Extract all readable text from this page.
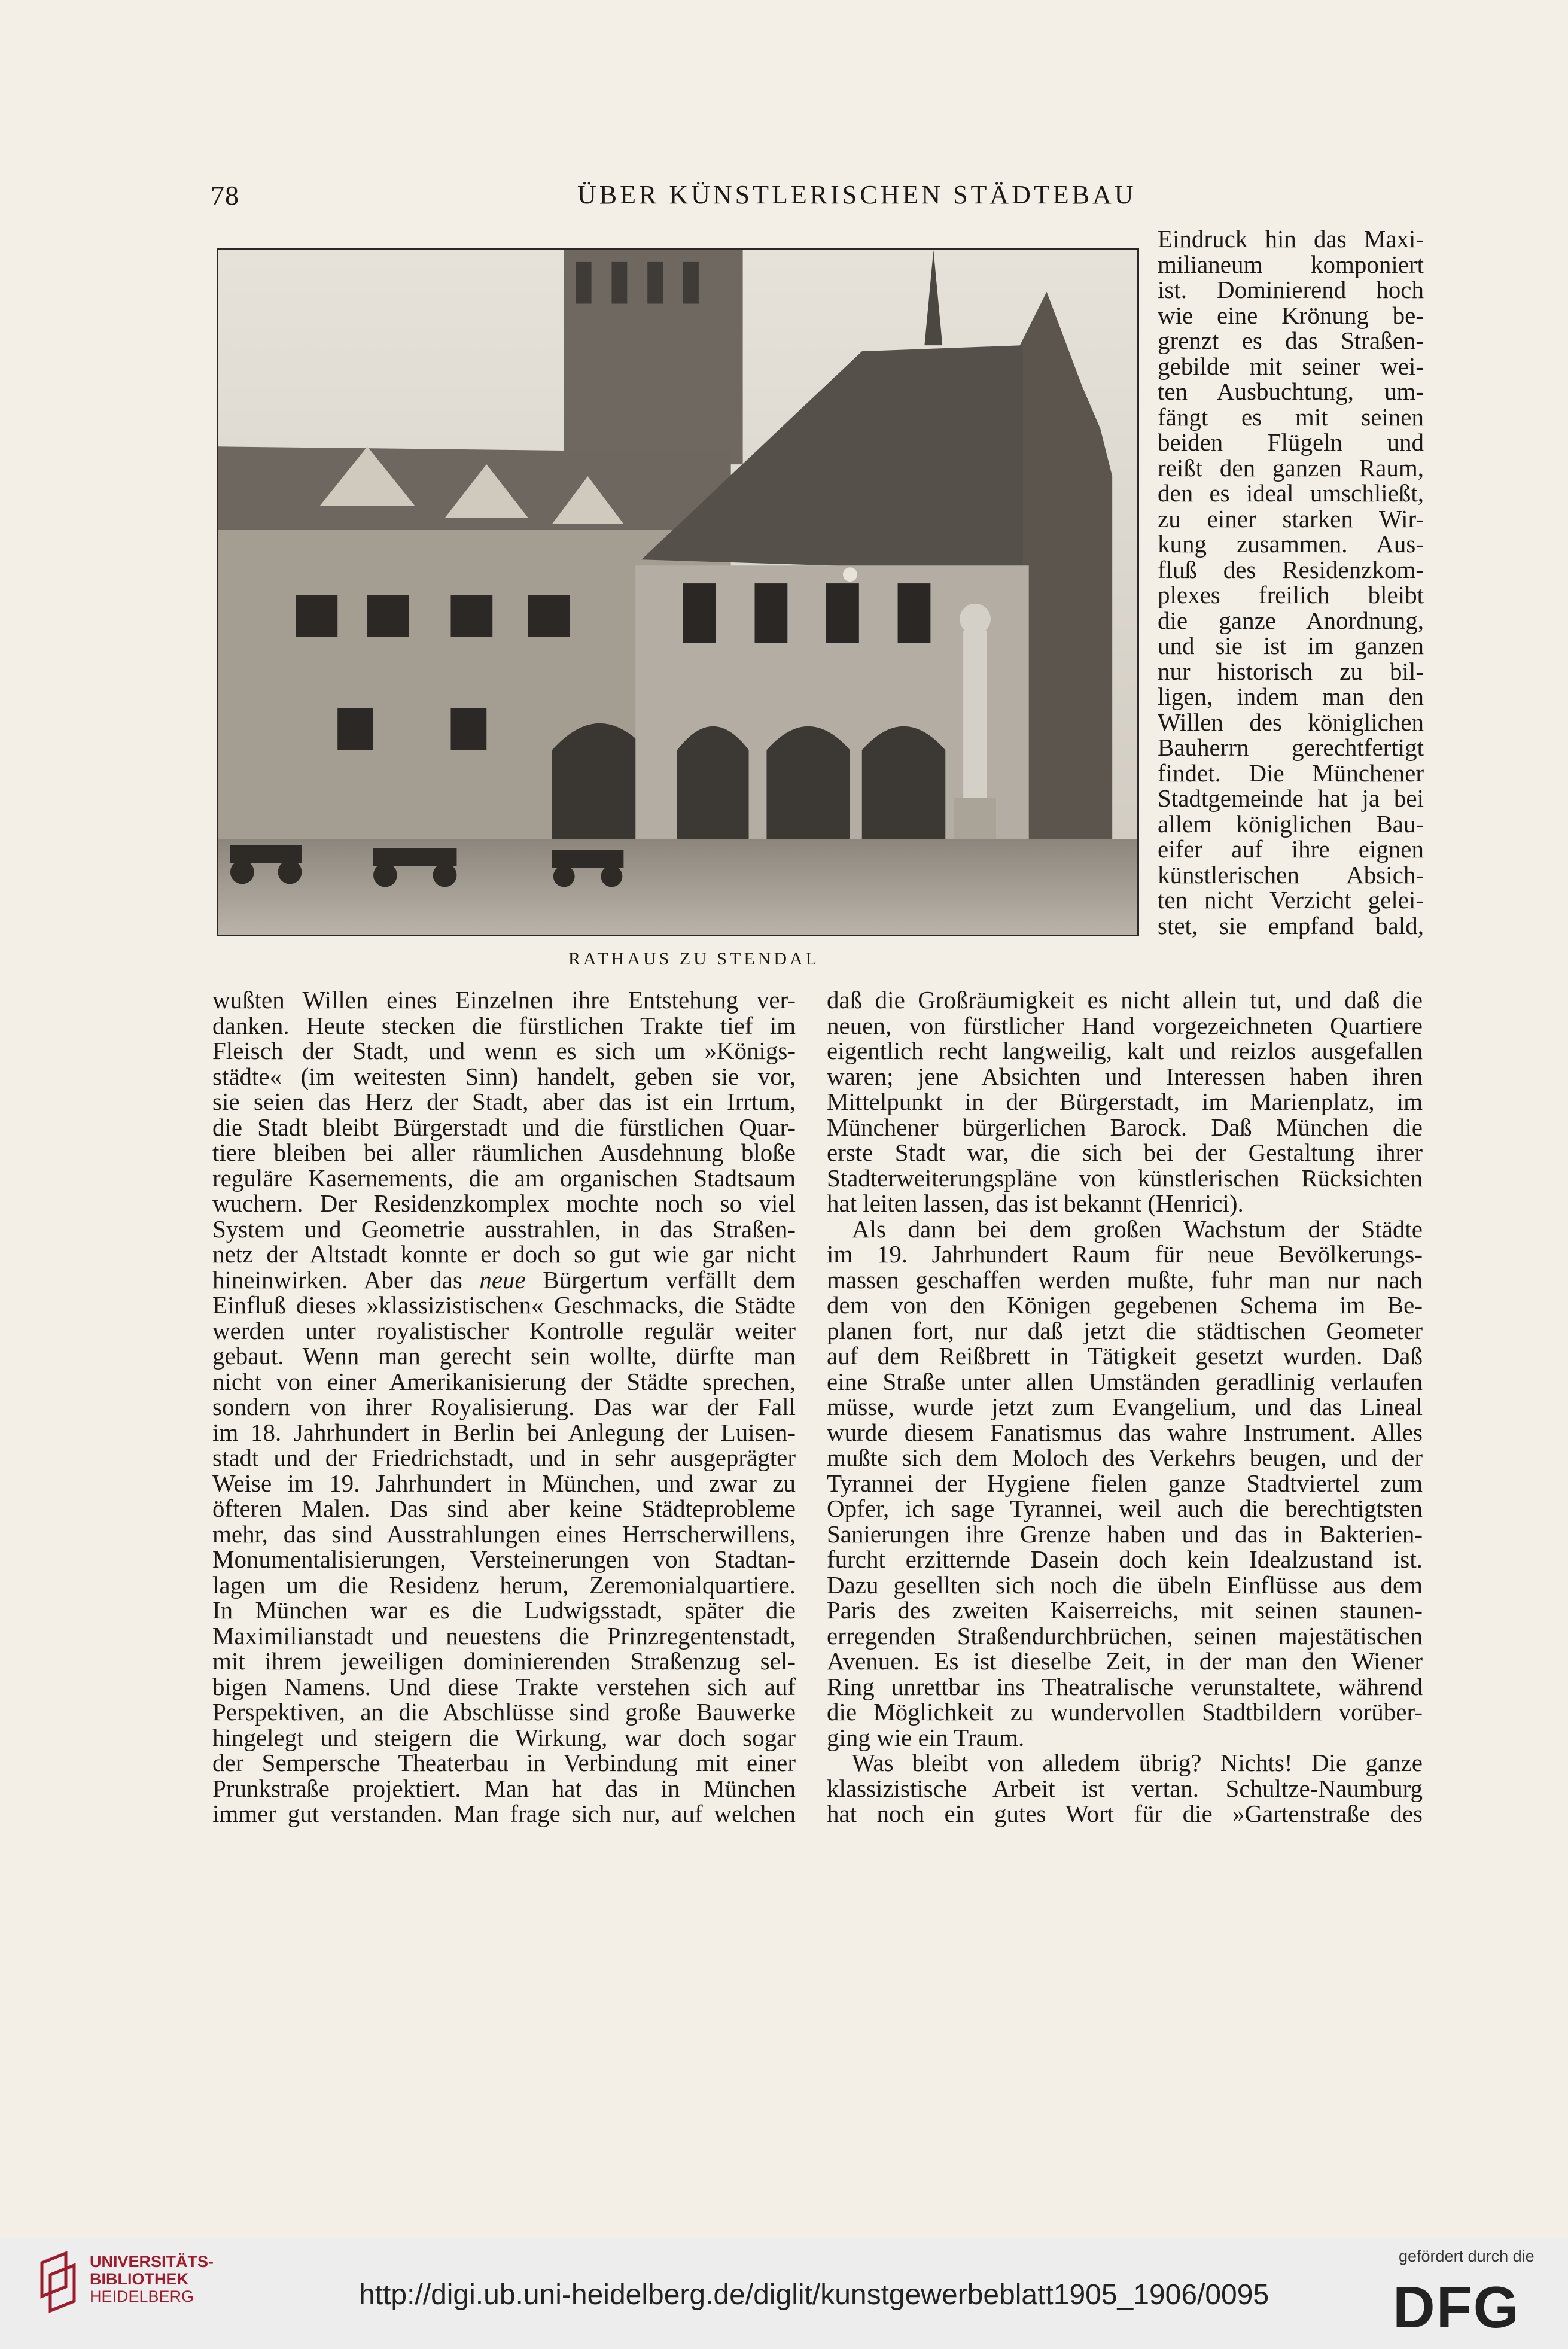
78	ÜBER KÜNSTLERISCHEN STÄDTEBAU
RATHAUS ZU STENDAL
Eindruck hin das Maxi-
milianeum komponiert
ist. Dominierend hoch
wie eine Krönung be-
grenzt es das Straßen-
gebilde mit seiner wei-
ten Ausbuchtung, um-
fängt es mit seinen
beiden Flügeln und
reißt den ganzen Raum,
den es ideal umschließt,
zu einer starken Wir-
kung zusammen. Aus-
fluß des Residenzkom-
plexes freilich bleibt
die ganze Anordnung,
und sie ist im ganzen
nur historisch zu bil-
ligen, indem man den
Willen des königlichen
Bauherrn gerechtfertigt
findet. Die Münchener
Stadtgemeinde hat ja bei
allem königlichen Bau-
eifer auf ihre eignen
künstlerischen Absich-
ten nicht Verzicht gelei-
stet, sie empfand bald,
wußten Willen eines Einzelnen ihre Entstehung ver-
danken. Heute stecken die fürstlichen Trakte tief im
Fleisch der Stadt, und wenn es sich um »Königs-
städte« (im weitesten Sinn) handelt, geben sie vor,
sie seien das Herz der Stadt, aber das ist ein Irrtum,
die Stadt bleibt Bürgerstadt und die fürstlichen Quar-
tiere bleiben bei aller räumlichen Ausdehnung bloße
reguläre Kasernements, die am organischen Stadtsaum
wuchern. Der Residenzkomplex mochte noch so viel
System und Geometrie ausstrahlen, in das Straßen-
netz der Altstadt konnte er doch so gut wie gar nicht
hineinwirken. Aber das neue Bürgertum verfällt dem
Einfluß dieses »klassizistischen« Geschmacks, die Städte
werden unter royalistischer Kontrolle regulär weiter
gebaut. Wenn man gerecht sein wollte, dürfte man
nicht von einer Amerikanisierung der Städte sprechen,
sondern von ihrer Royalisierung. Das war der Fall
im 18. Jahrhundert in Berlin bei Anlegung der Luisen-
stadt und der Friedrichstadt, und in sehr ausgeprägter
Weise im 19. Jahrhundert in München, und zwar zu
öfteren Malen. Das sind aber keine Städteprobleme
mehr, das sind Ausstrahlungen eines Herrscherwillens,
Monumentalisierungen, Versteinerungen von Stadtan-
lagen um die Residenz herum, Zeremonialquartiere.
In München war es die Ludwigsstadt, später die
Maximilianstadt und neuestens die Prinzregentenstadt,
mit ihrem jeweiligen dominierenden Straßenzug sel-
bigen Namens. Und diese Trakte verstehen sich auf
Perspektiven, an die Abschlüsse sind große Bauwerke
hingelegt und steigern die Wirkung, war doch sogar
der Sempersche Theaterbau in Verbindung mit einer
Prunkstraße projektiert. Man hat das in München
immer gut verstanden. Man frage sich nur, auf welchen
daß die Großräumigkeit es nicht allein tut, und daß die
neuen, von fürstlicher Hand vorgezeichneten Quartiere
eigentlich recht langweilig, kalt und reizlos ausgefallen
waren; jene Absichten und Interessen haben ihren
Mittelpunkt in der Bürgerstadt, im Marienplatz, im
Münchener bürgerlichen Barock. Daß München die
erste Stadt war, die sich bei der Gestaltung ihrer
Stadterweiterungspläne von künstlerischen Rücksichten
hat leiten lassen, das ist bekannt (Henrici).
Als dann bei dem großen Wachstum der Städte
im 19. Jahrhundert Raum für neue Bevölkerungs-
massen geschaffen werden mußte, fuhr man nur nach
dem von den Königen gegebenen Schema im Be-
planen fort, nur daß jetzt die städtischen Geometer
auf dem Reißbrett in Tätigkeit gesetzt wurden. Daß
eine Straße unter allen Umständen geradlinig verlaufen
müsse, wurde jetzt zum Evangelium, und das Lineal
wurde diesem Fanatismus das wahre Instrument. Alles
mußte sich dem Moloch des Verkehrs beugen, und der
Tyrannei der Hygiene fielen ganze Stadtviertel zum
Opfer, ich sage Tyrannei, weil auch die berechtigtsten
Sanierungen ihre Grenze haben und das in Bakterien-
furcht erzitternde Dasein doch kein Idealzustand ist.
Dazu gesellten sich noch die übeln Einflüsse aus dem
Paris des zweiten Kaiserreichs, mit seinen staunen-
erregenden Straßendurchbrüchen, seinen majestätischen
Avenuen. Es ist dieselbe Zeit, in der man den Wiener
Ring unrettbar ins Theatralische verunstaltete, während
die Möglichkeit zu wundervollen Stadtbildern vorüber-
ging wie ein Traum.
Was bleibt von alledem übrig? Nichts! Die ganze
klassizistische Arbeit ist vertan. Schultze-Naumburg
hat noch ein gutes Wort für die »Gartenstraße des
UNIVERSITÄTS-
BIBLIOTHEK
HEIDELBERG	http://digi.ub.uni-heidelberg.de/diglit/kunstgewerbeblatt1905_1906/0095
gefördert durch die
DFG
